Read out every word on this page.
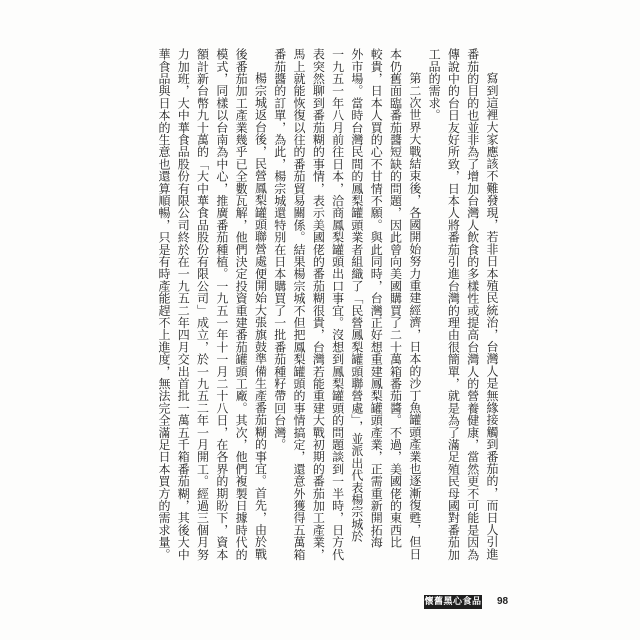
寫到這裡大家應該不難發現，若非日本殖民統治，台灣人是無緣接觸到番茄的，而日人引進
番茄的目的也並非為了增加台灣人飲食的多樣性或提高台灣人的營養健康，當然更不可能是因為
傳說中的台日友好所致，日本人將番茄引進台灣的理由很簡單，就是為了滿足殖民母國對番茄加
工品的需求。
第二次世界大戰結束後，各國開始努力重建經濟，日本的沙丁魚罐頭產業也逐漸復甦，但日
本仍舊面臨番茄醬短缺的問題，因此曾向美國購買了二十萬箱番茄醬。不過，美國佬的東西比
較貴，日本人買的心不甘情不願。與此同時，台灣正好想重建鳳梨罐頭產業，正需重新開拓海
外市場。當時台灣民間的鳳梨罐頭業者組織了「民營鳳梨罐頭聯營處」，並派出代表楊宗城於
一九五一年八月前往日本，洽商鳳梨罐頭出口事宜。沒想到鳳梨罐頭的問題談到一半時，日方代
表突然聊到番茄糊的事情，表示美國佬的番茄糊很貴，台灣若能重建大戰初期的番茄加工產業，
馬上就能恢復以往的番茄貿易關係。結果楊宗城不但把鳳梨罐頭的事情搞定，還意外獲得五萬箱
番茄醬的訂單，為此，楊宗城還特別在日本購買了一批番茄種籽帶回台灣。
楊宗城返台後，民營鳳梨罐頭聯營處便開始大張旗鼓準備生產番茄糊的事宜。首先，由於戰
後番茄加工產業幾乎已全數瓦解，他們決定投資重建番茄罐頭工廠。其次，他們複製日據時代的
模式，同樣以台南為中心，推廣番茄種植。一九五一年十一月二十八日，在各界的期盼下，資本
額計新台幣九十萬的「大中華食品股份有限公司」成立，於一九五二年一月開工。經過三個月努
力加班，大中華食品股份有限公司終於在一九五二年四月交出首批一萬五千箱番茄糊，其後大中
華食品與日本的生意也還算順暢，只是有時產能趕不上進度，無法完全滿足日本買方的需求量。
懷舊黑心食品 98
